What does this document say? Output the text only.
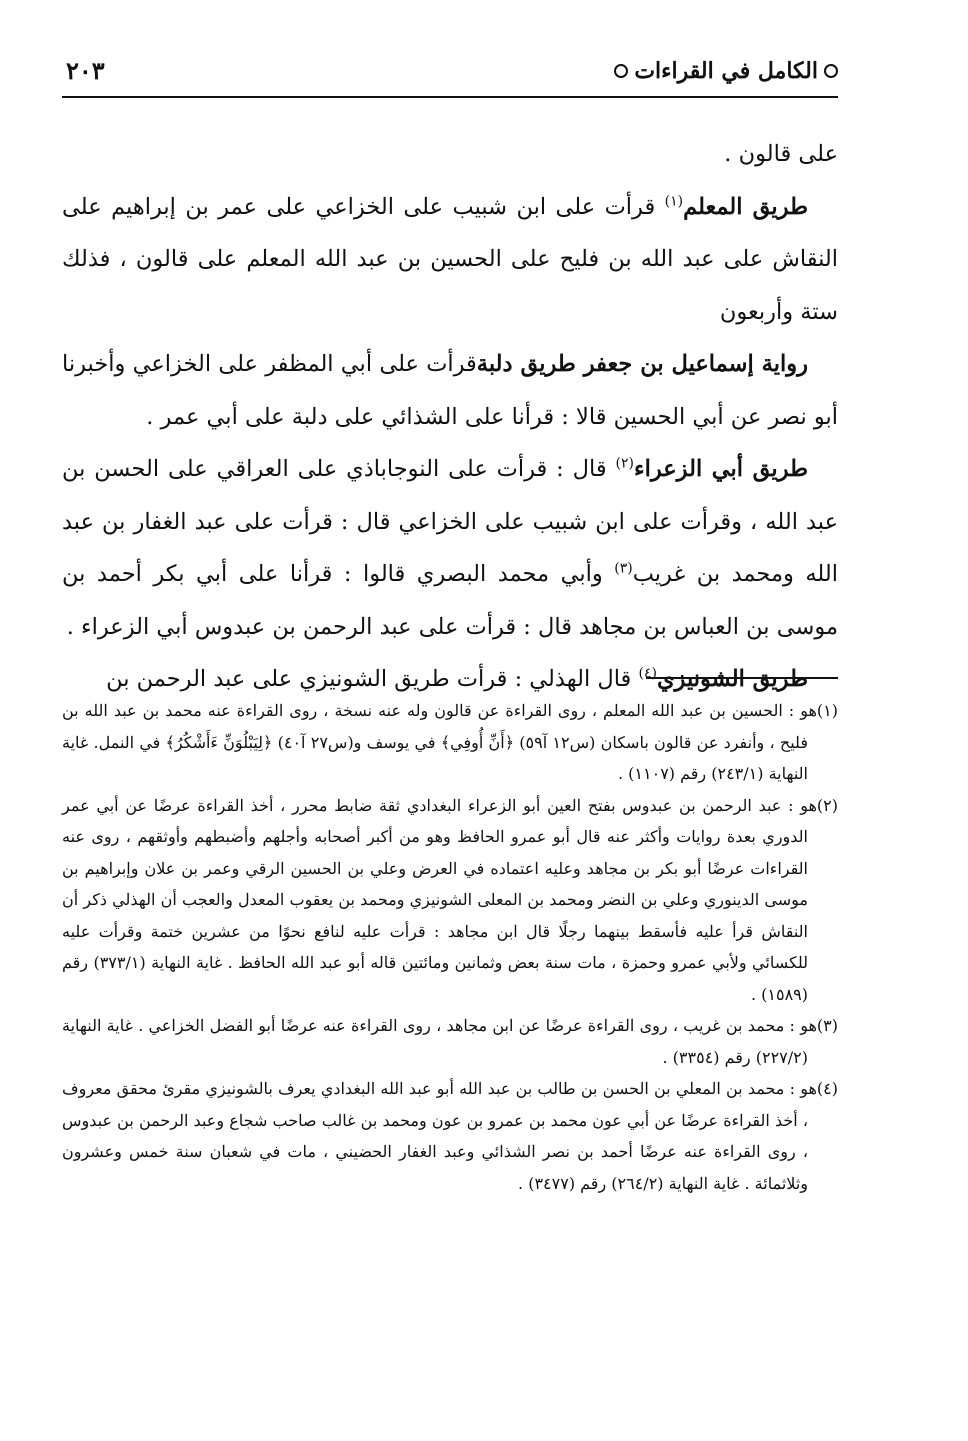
الكامل في القراءات
٢٠٣

على قالون .

طريق المعلم$^{(١)}$ قرأت على ابن شبيب على الخزاعي على عمر بن إبراهيم على النقاش على عبد الله بن فليح على الحسين بن عبد الله المعلم على قالون ، فذلك ستة وأربعون

رواية إسماعيل بن جعفر طريق دلبةقرأت على أبي المظفر على الخزاعي وأخبرنا أبو نصر عن أبي الحسين قالا : قرأنا على الشذائي على دلبة على أبي عمر .

طريق أبي الزعراء$^{(٢)}$ قال : قرأت على النوجاباذي على العراقي على الحسن بن عبد الله ، وقرأت على ابن شبيب على الخزاعي قال : قرأت على عبد الغفار بن عبد الله ومحمد بن غريب$^{(٣)}$ وأبي محمد البصري قالوا : قرأنا على أبي بكر أحمد بن موسى بن العباس بن مجاهد قال : قرأت على عبد الرحمن بن عبدوس أبي الزعراء .

طريق الشونيزي$^{(٤)}$ قال الهذلي : قرأت طريق الشونيزي على عبد الرحمن بن

(١)هو : الحسين بن عبد الله المعلم ، روى القراءة عن قالون وله عنه نسخة ، روى القراءة عنه محمد بن عبد الله بن فليح ، وأنفرد عن قالون باسكان (س١٢ آ٥٩) ﴿أَنِّ أُوفِي﴾ في يوسف و(س٢٧ آ٤٠) ﴿لِيَبْلُوَنِّ ءَأَشْكُرُ﴾ في النمل. غاية النهاية (٢٤٣/١) رقم (١١٠٧) .

(٢)هو : عبد الرحمن بن عبدوس بفتح العين أبو الزعراء البغدادي ثقة ضابط محرر ، أخذ القراءة عرضًا عن أبي عمر الدوري بعدة روايات وأكثر عنه قال أبو عمرو الحافظ وهو من أكبر أصحابه وأجلهم وأضبطهم وأوثقهم ، روى عنه القراءات عرضًا أبو بكر بن مجاهد وعليه اعتماده في العرض وعلي بن الحسين الرقي وعمر بن علان وإبراهيم بن موسى الدينوري وعلي بن النضر ومحمد بن المعلى الشونيزي ومحمد بن يعقوب المعدل والعجب أن الهذلي ذكر أن النقاش قرأ عليه فأسقط بينهما رجلًا قال ابن مجاهد : قرأت عليه لنافع نحوًا من عشرين ختمة وقرأت عليه للكسائي ولأبي عمرو وحمزة ، مات سنة بعض وثمانين ومائتين قاله أبو عبد الله الحافظ . غاية النهاية (٣٧٣/١) رقم (١٥٨٩) .

(٣)هو : محمد بن غريب ، روى القراءة عرضًا عن ابن مجاهد ، روى القراءة عنه عرضًا أبو الفضل الخزاعي . غاية النهاية (٢٢٧/٢) رقم (٣٣٥٤) .

(٤)هو : محمد بن المعلي بن الحسن بن طالب بن عبد الله أبو عبد الله البغدادي يعرف بالشونيزي مقرئ محقق معروف ، أخذ القراءة عرضًا عن أبي عون محمد بن عمرو بن عون ومحمد بن غالب صاحب شجاع وعبد الرحمن بن عبدوس ، روى القراءة عنه عرضًا أحمد بن نصر الشذائي وعبد الغفار الحضيني ، مات في شعبان سنة خمس وعشرون وثلاثمائة . غاية النهاية (٢٦٤/٢) رقم (٣٤٧٧) .
